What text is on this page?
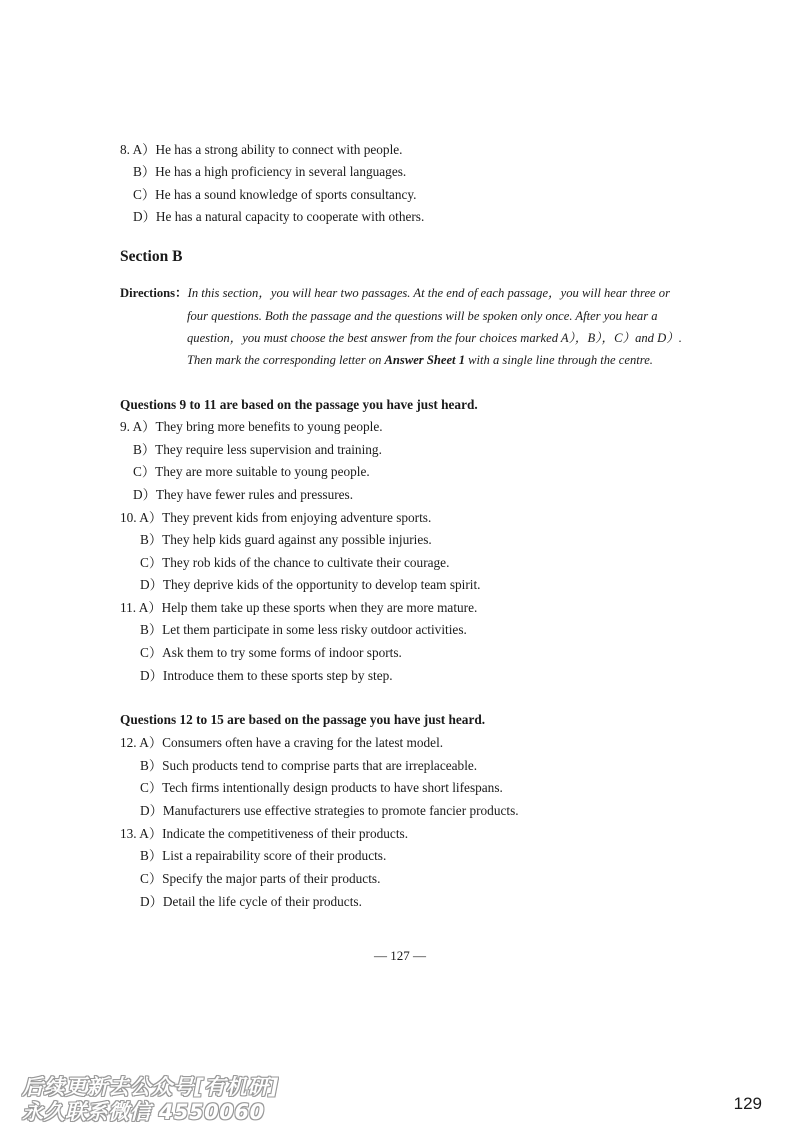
8. A）He has a strong ability to connect with people.
B）He has a high proficiency in several languages.
C）He has a sound knowledge of sports consultancy.
D）He has a natural capacity to cooperate with others.
Section B
Directions：In this section，you will hear two passages. At the end of each passage，you will hear three or
four questions. Both the passage and the questions will be spoken only once. After you hear a
question，you must choose the best answer from the four choices marked A），B），C）and D）.
Then mark the corresponding letter on Answer Sheet 1 with a single line through the centre.
Questions 9 to 11 are based on the passage you have just heard.
9. A）They bring more benefits to young people.
B）They require less supervision and training.
C）They are more suitable to young people.
D）They have fewer rules and pressures.
10. A）They prevent kids from enjoying adventure sports.
B）They help kids guard against any possible injuries.
C）They rob kids of the chance to cultivate their courage.
D）They deprive kids of the opportunity to develop team spirit.
11. A）Help them take up these sports when they are more mature.
B）Let them participate in some less risky outdoor activities.
C）Ask them to try some forms of indoor sports.
D）Introduce them to these sports step by step.
Questions 12 to 15 are based on the passage you have just heard.
12. A）Consumers often have a craving for the latest model.
B）Such products tend to comprise parts that are irreplaceable.
C）Tech firms intentionally design products to have short lifespans.
D）Manufacturers use effective strategies to promote fancier products.
13. A）Indicate the competitiveness of their products.
B）List a repairability score of their products.
C）Specify the major parts of their products.
D）Detail the life cycle of their products.
— 127 —
后续更新去公众号[有机研]
永久联系微信 4550060	129
